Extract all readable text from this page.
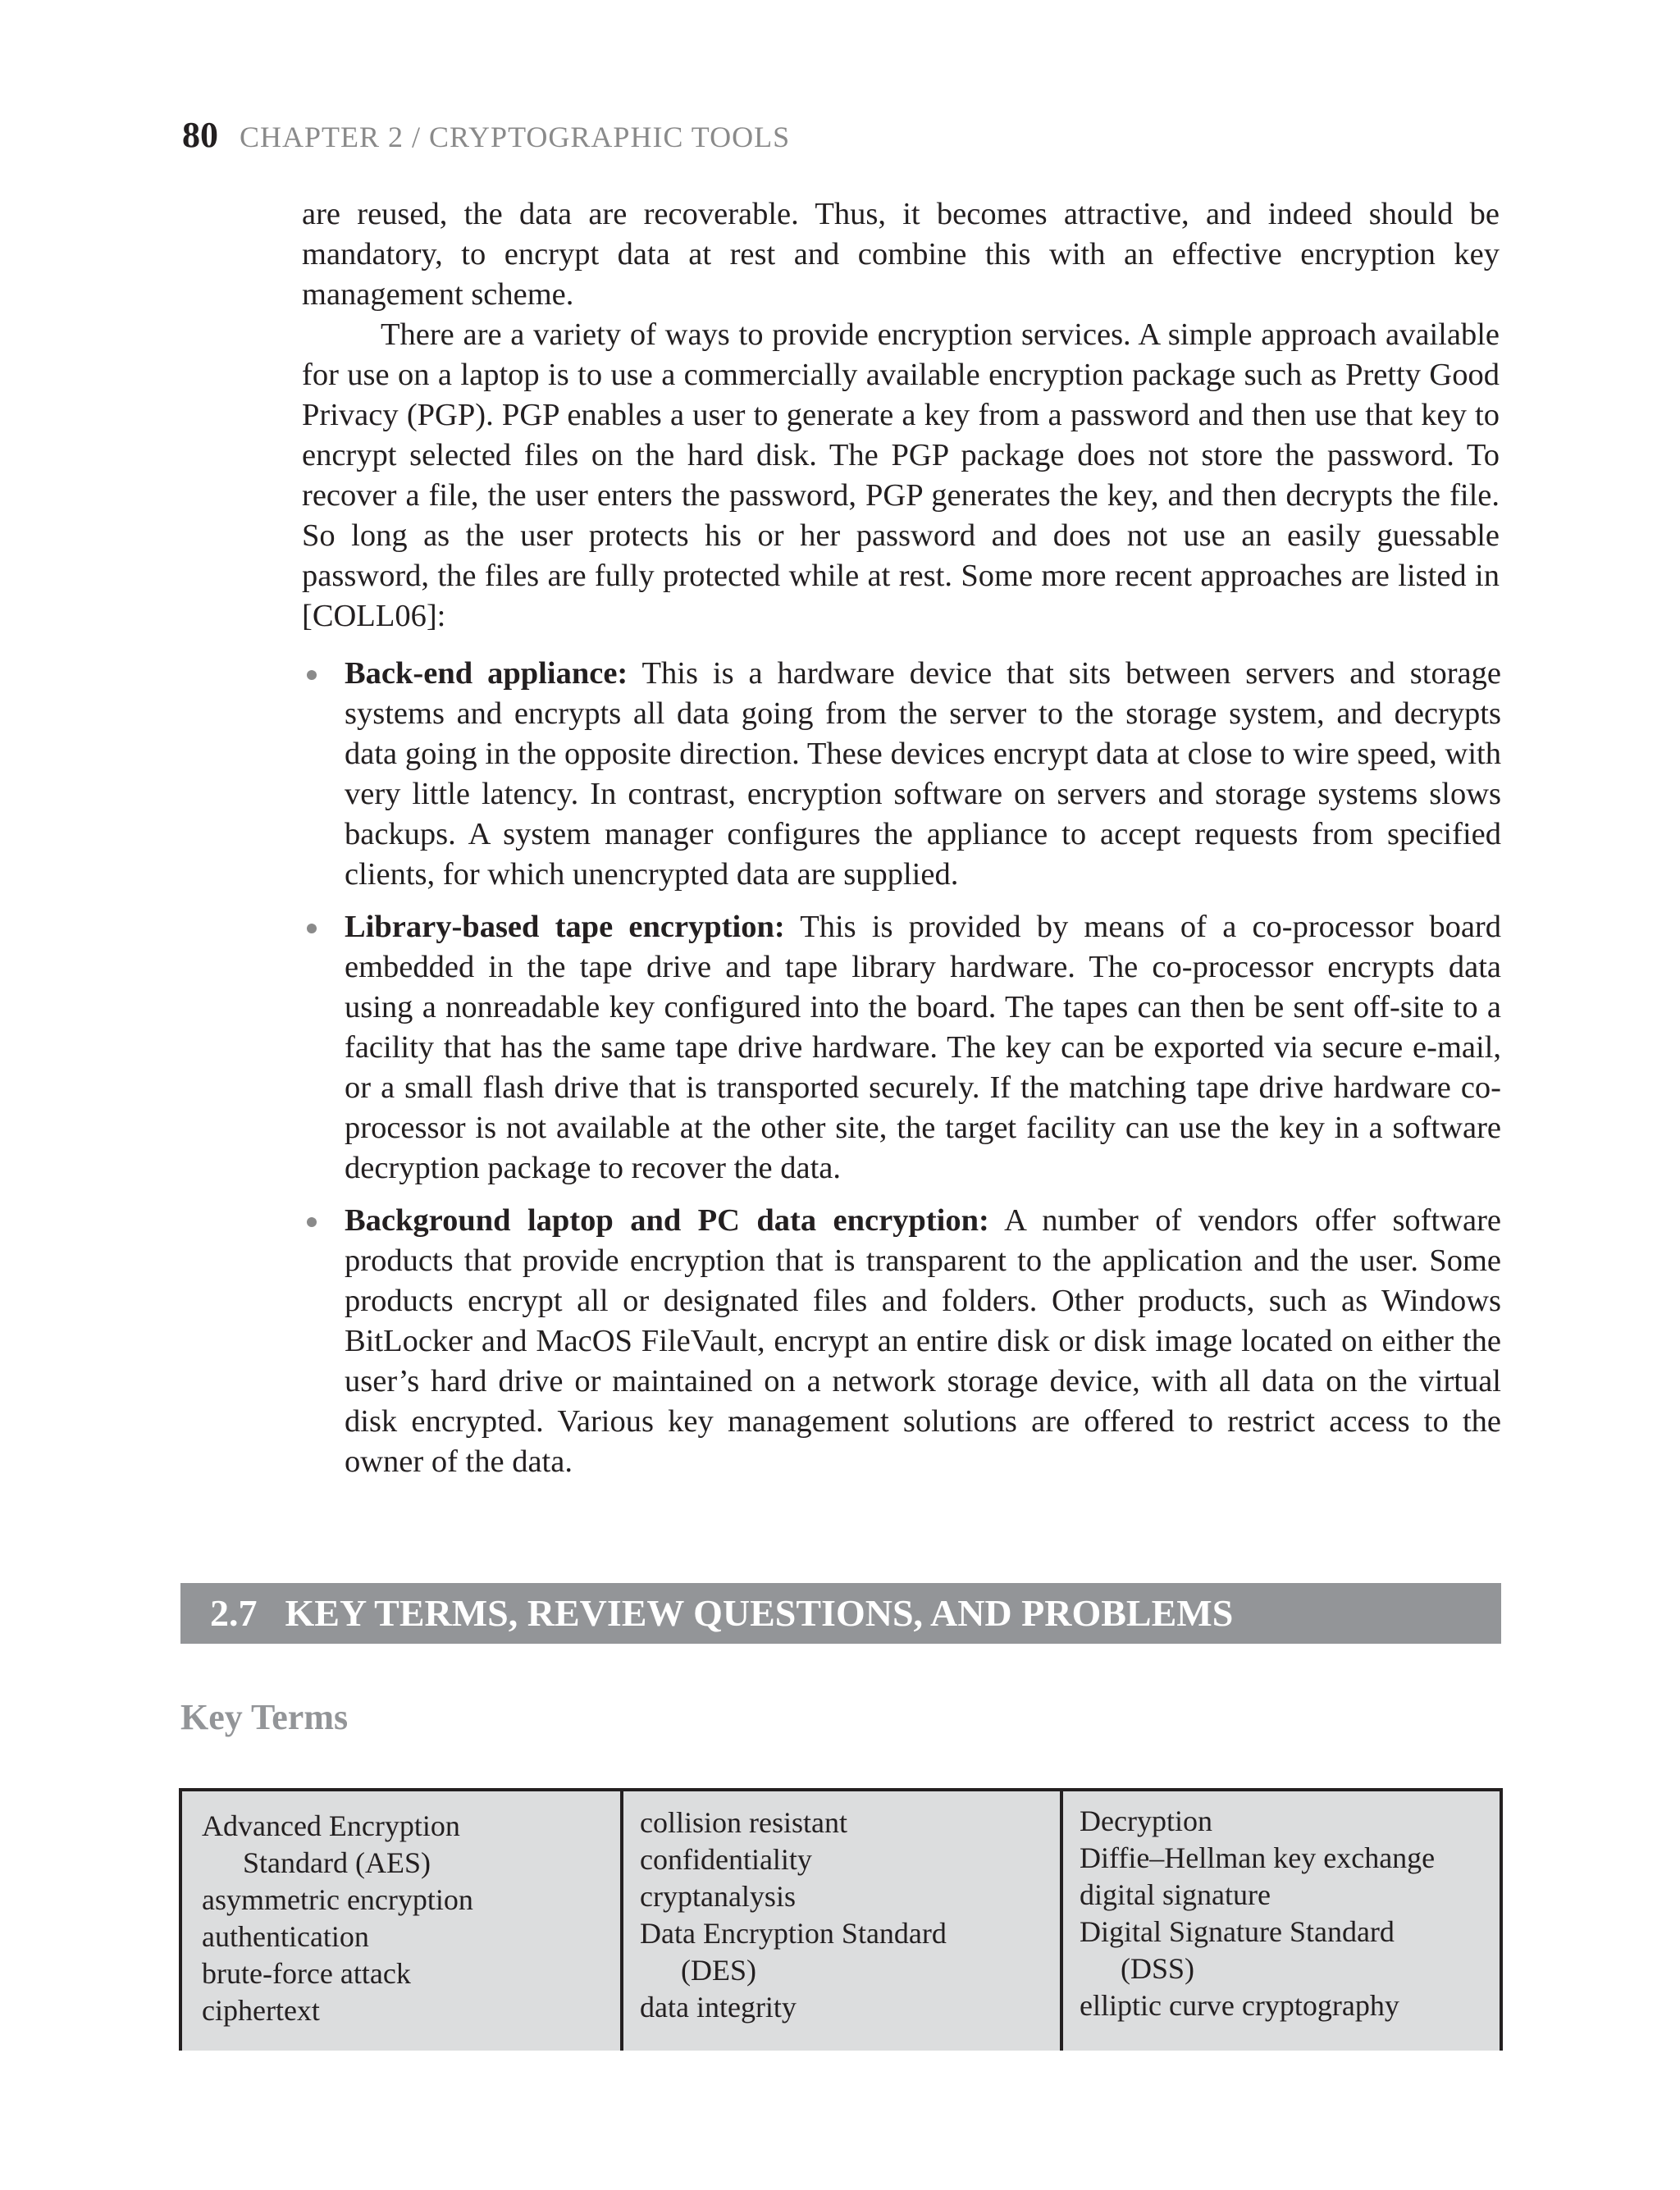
80 CHAPTER 2 / CRYPTOGRAPHIC TOOLS

are reused, the data are recoverable. Thus, it becomes attractive, and indeed should be mandatory, to encrypt data at rest and combine this with an effective encryption key management scheme.

There are a variety of ways to provide encryption services. A simple approach available for use on a laptop is to use a commercially available encryption package such as Pretty Good Privacy (PGP). PGP enables a user to generate a key from a password and then use that key to encrypt selected files on the hard disk. The PGP package does not store the password. To recover a file, the user enters the password, PGP generates the key, and then decrypts the file. So long as the user protects his or her password and does not use an easily guessable password, the files are fully protected while at rest. Some more recent approaches are listed in [COLL06]:

Back-end appliance: This is a hardware device that sits between servers and storage systems and encrypts all data going from the server to the storage system, and decrypts data going in the opposite direction. These devices encrypt data at close to wire speed, with very little latency. In contrast, encryption software on servers and storage systems slows backups. A system manager configures the appliance to accept requests from specified clients, for which unencrypted data are supplied.
Library-based tape encryption: This is provided by means of a co-processor board embedded in the tape drive and tape library hardware. The co-processor encrypts data using a nonreadable key configured into the board. The tapes can then be sent off-site to a facility that has the same tape drive hardware. The key can be exported via secure e-mail, or a small flash drive that is transported securely. If the matching tape drive hardware co-processor is not available at the other site, the target facility can use the key in a software decryption package to recover the data.
Background laptop and PC data encryption: A number of vendors offer software products that provide encryption that is transparent to the application and the user. Some products encrypt all or designated files and folders. Other products, such as Windows BitLocker and MacOS FileVault, encrypt an entire disk or disk image located on either the user’s hard drive or maintained on a network storage device, with all data on the virtual disk encrypted. Various key management solutions are offered to restrict access to the owner of the data.
2.7 KEY TERMS, REVIEW QUESTIONS, AND PROBLEMS
Key Terms
Advanced Encryption
Standard (AES)
asymmetric encryption
authentication
brute-force attack
ciphertext
collision resistant
confidentiality
cryptanalysis
Data Encryption Standard
(DES)
data integrity
Decryption
Diffie–Hellman key exchange
digital signature
Digital Signature Standard
(DSS)
elliptic curve cryptography
